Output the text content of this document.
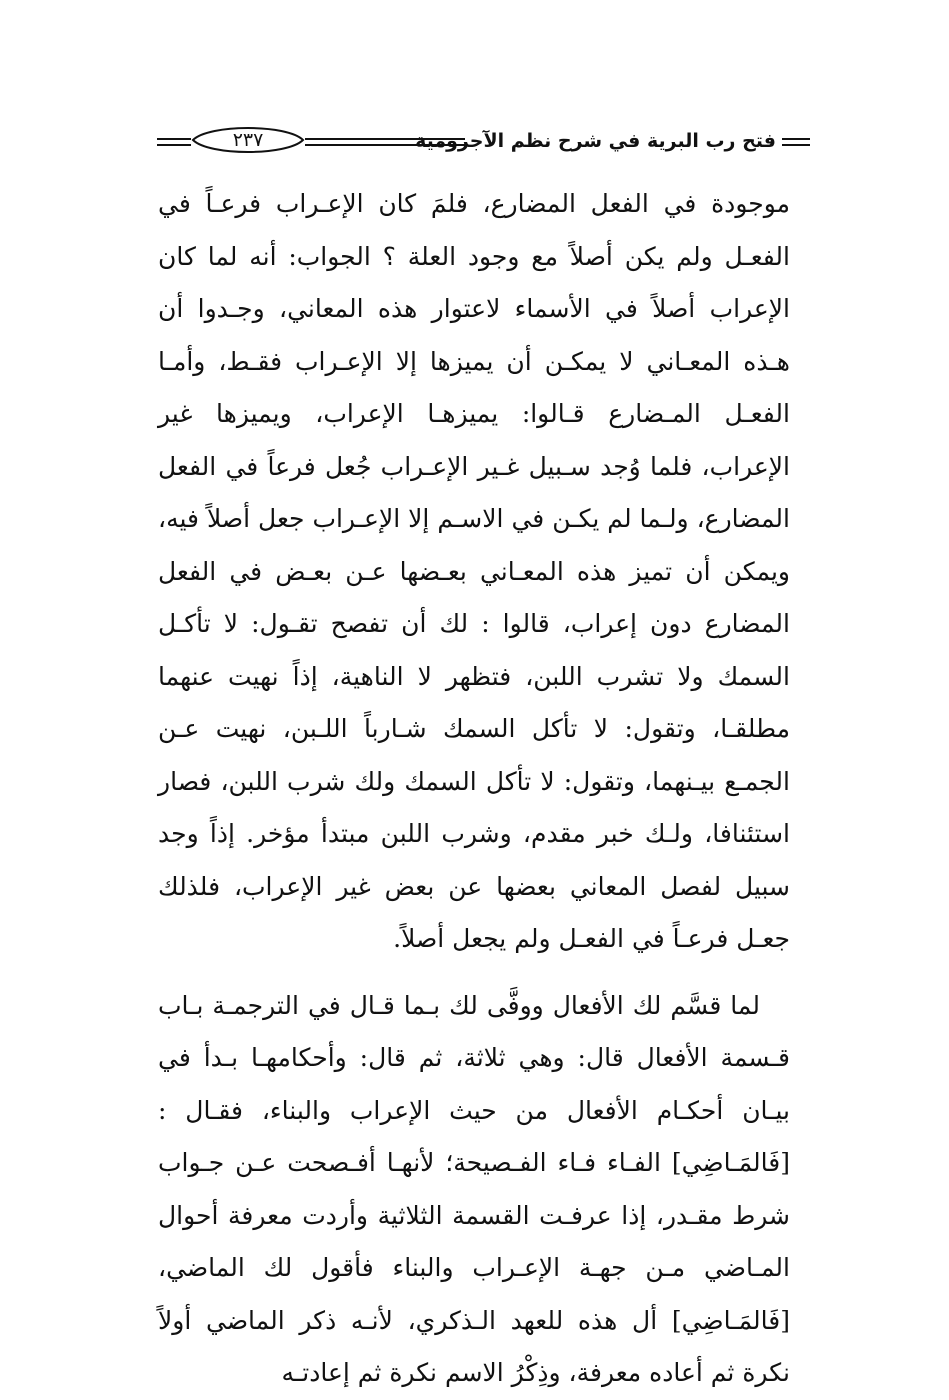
فتح رب البرية في شرح نظم الآجرومية
٢٣٧

موجودة في الفعل المضارع، فلمَ كان الإعـراب فرعـاً في الفعـل ولم يكن أصلاً مع وجود العلة ؟ الجواب: أنه لما كان الإعراب أصلاً في الأسماء لاعتوار هذه المعاني، وجـدوا أن هـذه المعـاني لا يمكـن أن يميزها إلا الإعـراب فقـط، وأمـا الفعـل المـضارع قـالوا: يميزهـا الإعراب، ويميزها غير الإعراب، فلما وُجد سـبيل غـير الإعـراب جُعل فرعاً في الفعل المضارع، ولـما لم يكـن في الاسـم إلا الإعـراب جعل أصلاً فيه، ويمكن أن تميز هذه المعـاني بعـضها عـن بعـض في الفعل المضارع دون إعراب، قالوا : لك أن تفصح تقـول: لا تأكـل السمك ولا تشرب اللبن، فتظهر لا الناهية، إذاً نهيت عنهما مطلقـا، وتقول: لا تأكل السمك شـارباً اللـبن، نهيت عـن الجمـع بيـنهما، وتقول: لا تأكل السمك ولك شرب اللبن، فصار استئنافا، ولـك خبر مقدم، وشرب اللبن مبتدأ مؤخر. إذاً وجد سبيل لفصل المعاني بعضها عن بعض غير الإعراب، فلذلك جعـل فرعـاً في الفعـل ولم يجعل أصلاً.

لما قسَّم لك الأفعال ووفَّى لك بـما قـال في الترجمـة بـاب قـسمة الأفعال قال: وهي ثلاثة، ثم قال: وأحكامهـا بـدأ في بيـان أحكـام الأفعال من حيث الإعراب والبناء، فقـال :[فَالمَـاضِي] الفـاء فـاء الفـصيحة؛ لأنهـا أفـصحت عـن جـواب شرط مقـدر، إذا عرفـت القسمة الثلاثية وأردت معرفة أحوال المـاضي مـن جهـة الإعـراب والبناء فأقول لك الماضي،[فَالمَـاضِي] أل هذه للعهد الـذكري، لأنـه ذكر الماضي أولاً نكرة ثم أعاده معرفة، وذِكْرُ الاسم نكرة ثم إعادتـه
